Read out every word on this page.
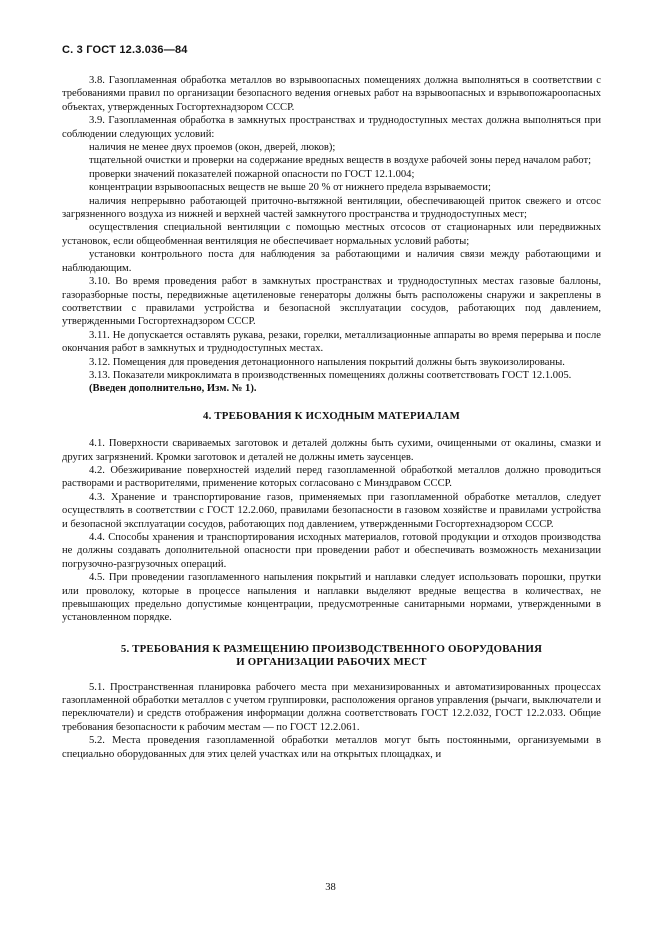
С. 3 ГОСТ 12.3.036—84

3.8. Газопламенная обработка металлов во взрывоопасных помещениях должна выполняться в соответствии с требованиями правил по организации безопасного ведения огневых работ на взрывоопасных и взрывопожароопасных объектах, утвержденных Госгортехнадзором СССР.

3.9. Газопламенная обработка в замкнутых пространствах и труднодоступных местах должна выполняться при соблюдении следующих условий:

наличия не менее двух проемов (окон, дверей, люков);

тщательной очистки и проверки на содержание вредных веществ в воздухе рабочей зоны перед началом работ;

проверки значений показателей пожарной опасности по ГОСТ 12.1.004;

концентрации взрывоопасных веществ не выше 20 % от нижнего предела взрываемости;

наличия непрерывно работающей приточно-вытяжной вентиляции, обеспечивающей приток свежего и отсос загрязненного воздуха из нижней и верхней частей замкнутого пространства и труднодоступных мест;

осуществления специальной вентиляции с помощью местных отсосов от стационарных или передвижных установок, если общеобменная вентиляция не обеспечивает нормальных условий работы;

установки контрольного поста для наблюдения за работающими и наличия связи между работающими и наблюдающим.

3.10. Во время проведения работ в замкнутых пространствах и труднодоступных местах газовые баллоны, газоразборные посты, передвижные ацетиленовые генераторы должны быть расположены снаружи и закреплены в соответствии с правилами устройства и безопасной эксплуатации сосудов, работающих под давлением, утвержденными Госгортехнадзором СССР.

3.11. Не допускается оставлять рукава, резаки, горелки, металлизационные аппараты во время перерыва и после окончания работ в замкнутых и труднодоступных местах.

3.12. Помещения для проведения детонационного напыления покрытий должны быть звукоизолированы.

3.13. Показатели микроклимата в производственных помещениях должны соответствовать ГОСТ 12.1.005.

(Введен дополнительно, Изм. № 1).

4. ТРЕБОВАНИЯ К ИСХОДНЫМ МАТЕРИАЛАМ

4.1. Поверхности свариваемых заготовок и деталей должны быть сухими, очищенными от окалины, смазки и других загрязнений. Кромки заготовок и деталей не должны иметь заусенцев.

4.2. Обезжиривание поверхностей изделий перед газопламенной обработкой металлов должно проводиться растворами и растворителями, применение которых согласовано с Минздравом СССР.

4.3. Хранение и транспортирование газов, применяемых при газопламенной обработке металлов, следует осуществлять в соответствии с ГОСТ 12.2.060, правилами безопасности в газовом хозяйстве и правилами устройства и безопасной эксплуатации сосудов, работающих под давлением, утвержденными Госгортехнадзором СССР.

4.4. Способы хранения и транспортирования исходных материалов, готовой продукции и отходов производства не должны создавать дополнительной опасности при проведении работ и обеспечивать возможность механизации погрузочно-разгрузочных операций.

4.5. При проведении газопламенного напыления покрытий и наплавки следует использовать порошки, прутки или проволоку, которые в процессе напыления и наплавки выделяют вредные вещества в количествах, не превышающих предельно допустимые концентрации, предусмотренные санитарными нормами, утвержденными в установленном порядке.

5. ТРЕБОВАНИЯ К РАЗМЕЩЕНИЮ ПРОИЗВОДСТВЕННОГО ОБОРУДОВАНИЯ

И ОРГАНИЗАЦИИ РАБОЧИХ МЕСТ

5.1. Пространственная планировка рабочего места при механизированных и автоматизированных процессах газопламенной обработки металлов с учетом группировки, расположения органов управления (рычаги, выключатели и переключатели) и средств отображения информации должна соответствовать ГОСТ 12.2.032, ГОСТ 12.2.033. Общие требования безопасности к рабочим местам — по ГОСТ 12.2.061.

5.2. Места проведения газопламенной обработки металлов могут быть постоянными, организуемыми в специально оборудованных для этих целей участках или на открытых площадках, и

38
